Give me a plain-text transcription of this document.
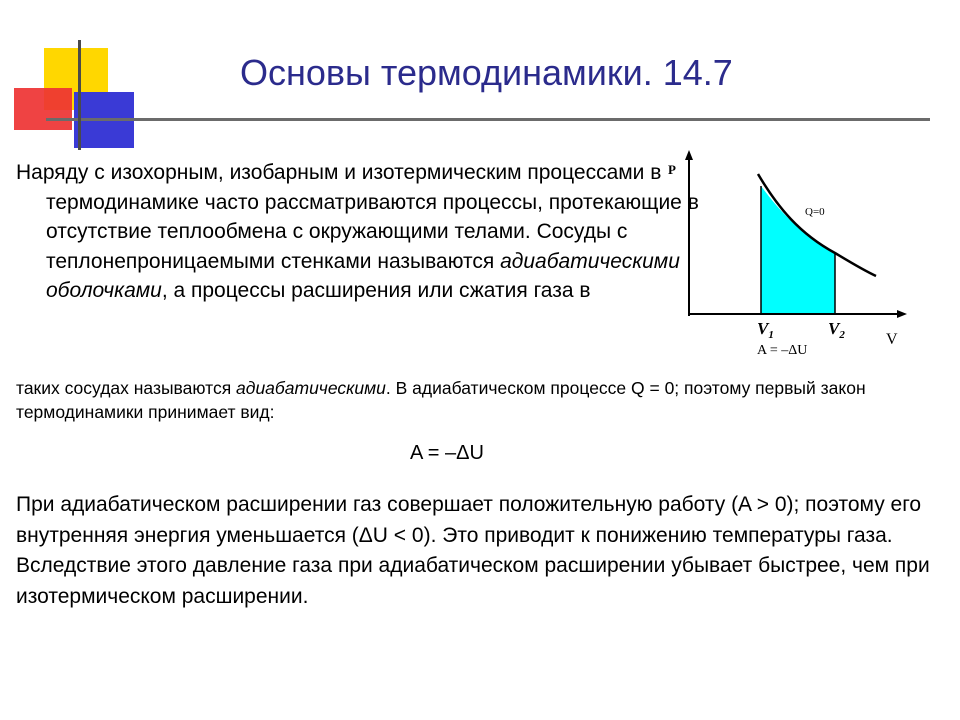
Основы термодинамики. 14.7

Наряду с изохорным, изобарным и изотермическим процессами в термодинамике часто рассматриваются процессы, протекающие в отсутствие теплообмена с окружающими телами. Сосуды с теплонепроницаемыми стенками называются адиабатическими оболочками, а процессы расширения или сжатия газа в

P
V
Q=0
$V_1$	$V_2$
A = –ΔU

таких сосудах называются адиабатическими. В адиабатическом процессе Q = 0; поэтому первый закон термодинамики принимает вид:

A = –ΔU

При адиабатическом расширении газ совершает положительную работу (A > 0); поэтому его внутренняя энергия уменьшается (ΔU < 0). Это приводит к понижению температуры газа. Вследствие этого давление газа при адиабатическом расширении убывает быстрее, чем при изотермическом расширении.
